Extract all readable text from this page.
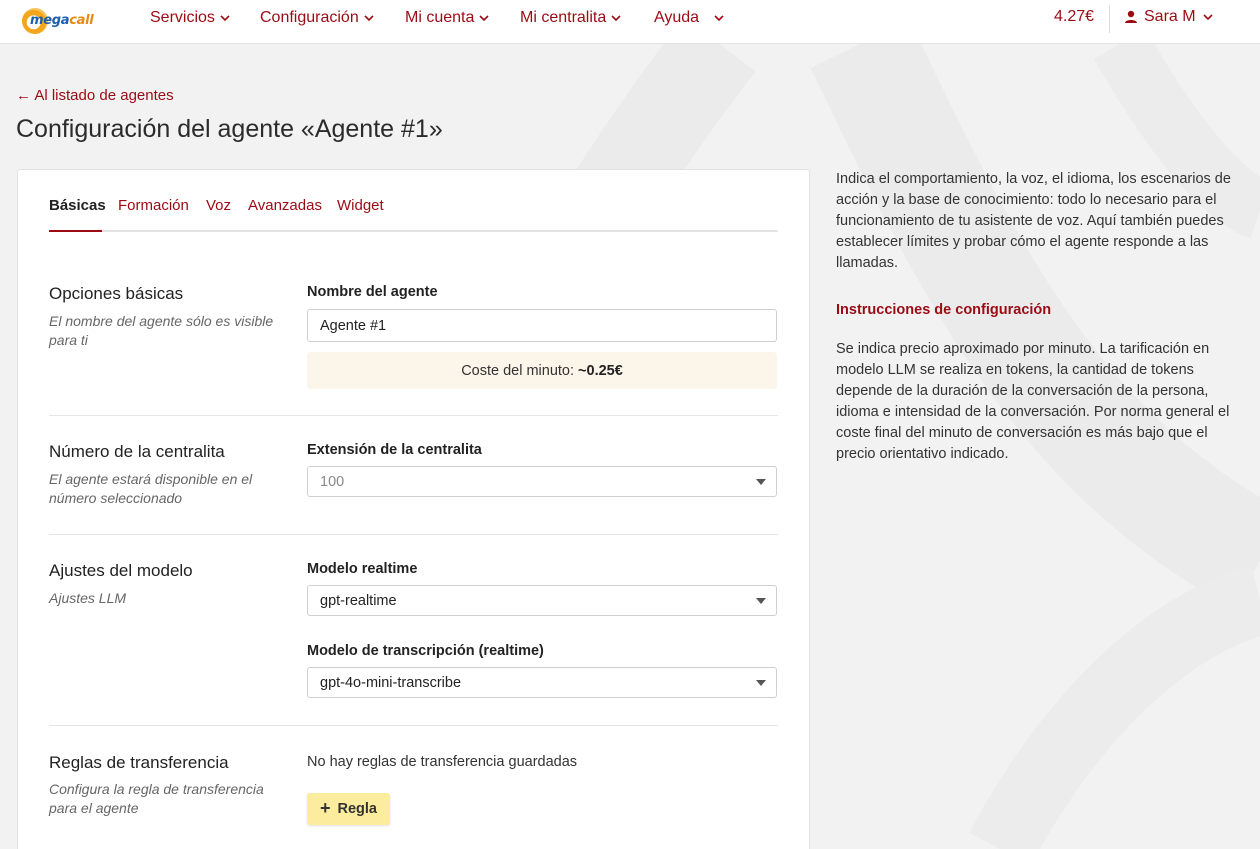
megacall	Servicios	Configuración	Mi cuenta	Mi centralita	Ayuda	4.27€	Sara M
← Al listado de agentes
Configuración del agente «Agente #1»
Básicas Formación Voz Avanzadas Widget
Opciones básicas
El nombre del agente sólo es visible para ti
Nombre del agente
Agente #1
Coste del minuto: ~0.25€
Número de la centralita
El agente estará disponible en el número seleccionado
Extensión de la centralita
100
Ajustes del modelo
Ajustes LLM
Modelo realtime
gpt-realtime
Modelo de transcripción (realtime)
gpt-4o-mini-transcribe
Reglas de transferencia
Configura la regla de transferencia para el agente
No hay reglas de transferencia guardadas
+ Regla

Indica el comportamiento, la voz, el idioma, los escenarios de acción y la base de conocimiento: todo lo necesario para el funcionamiento de tu asistente de voz. Aquí también puedes establecer límites y probar cómo el agente responde a las llamadas.

Instrucciones de configuración

Se indica precio aproximado por minuto. La tarificación en modelo LLM se realiza en tokens, la cantidad de tokens depende de la duración de la conversación de la persona, idioma e intensidad de la conversación. Por norma general el coste final del minuto de conversación es más bajo que el precio orientativo indicado.
